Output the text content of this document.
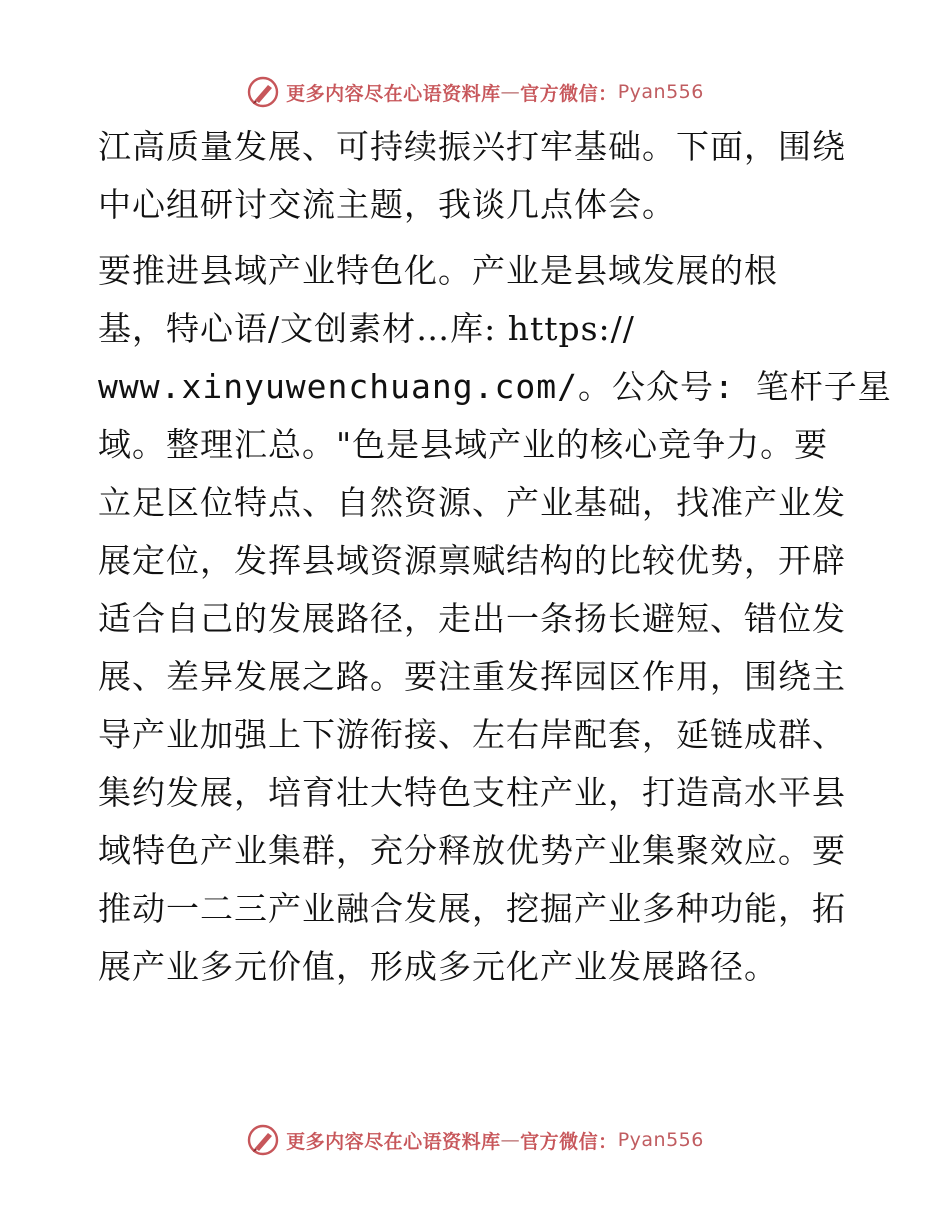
更多内容尽在心语资料库 — 官方微信： Pyan556
江高质量发展、可持续振兴打牢基础。下面，围绕
中心组研讨交流主题，我谈几点体会。
要推进县域产业特色化。产业是县域发展的根
基，特心语/文创素材…库: https://
www.xinyuwenchuang.com/。公众号: 笔杆子星
域。整理汇总。"色是县域产业的核心竞争力。要
立足区位特点、自然资源、产业基础，找准产业发
展定位，发挥县域资源禀赋结构的比较优势，开辟
适合自己的发展路径，走出一条扬长避短、错位发
展、差异发展之路。要注重发挥园区作用，围绕主
导产业加强上下游衔接、左右岸配套，延链成群、
集约发展，培育壮大特色支柱产业，打造高水平县
域特色产业集群，充分释放优势产业集聚效应。要
推动一二三产业融合发展，挖掘产业多种功能，拓
展产业多元价值，形成多元化产业发展路径。
更多内容尽在心语资料库 — 官方微信： Pyan556
